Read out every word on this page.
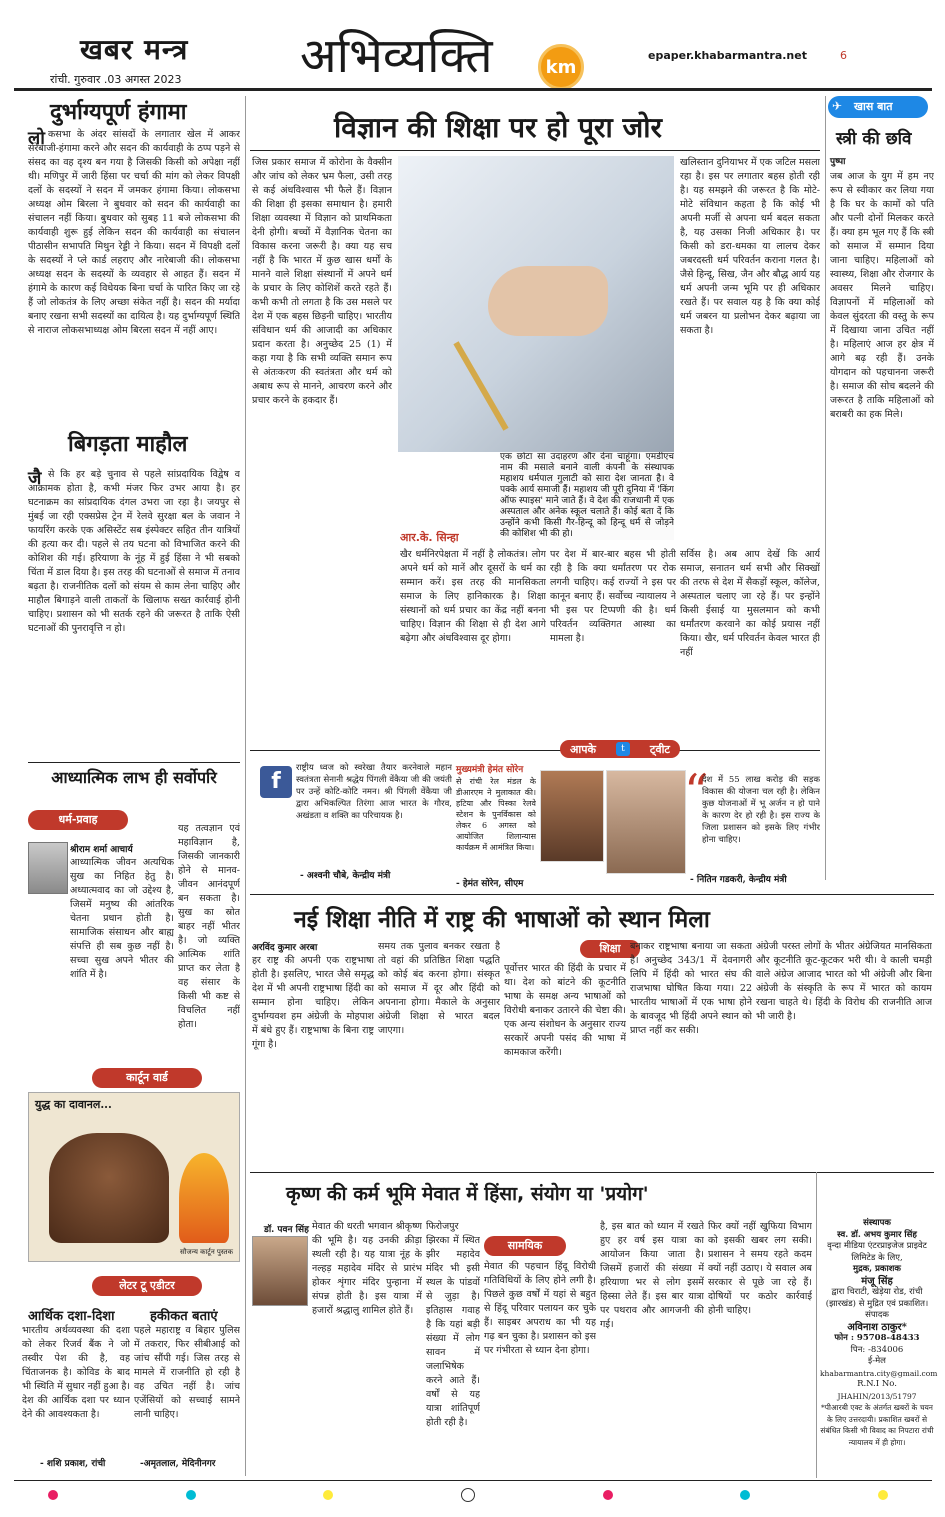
खबर मन्त्र
रांची. गुरुवार .03 अगस्त 2023 अभिव्यक्ति	km
epaper.khabarmantra.net	6
दुर्भाग्यपूर्ण हंगामा
लो कसभा के अंदर सांसदों के लगातार खेल में आकर सरेबाजी-हंगामा करने और सदन की कार्यवाही के ठप्प पड़ने से संसद का वह दृश्य बन गया है जिसकी किसी को अपेक्षा नहीं थी। मणिपुर में जारी हिंसा पर चर्चा की मांग को लेकर विपक्षी दलों के सदस्यों ने सदन में जमकर हंगामा किया। लोकसभा अध्यक्ष ओम बिरला ने बुधवार को सदन की कार्यवाही का संचालन नहीं किया। बुधवार को सुबह 11 बजे लोकसभा की कार्यवाही शुरू हुई लेकिन सदन की कार्यवाही का संचालन पीठासीन सभापति मिथुन रेड्डी ने किया। सदन में विपक्षी दलों के सदस्यों ने प्ले कार्ड लहराए और नारेबाजी की। लोकसभा अध्यक्ष सदन के सदस्यों के व्यवहार से आहत हैं। सदन में हंगामे के कारण कई विधेयक बिना चर्चा के पारित किए जा रहे हैं जो लोकतंत्र के लिए अच्छा संकेत नहीं है। सदन की मर्यादा बनाए रखना सभी सदस्यों का दायित्व है। यह दुर्भाग्यपूर्ण स्थिति से नाराज लोकसभाध्यक्ष ओम बिरला सदन में नहीं आए।
बिगड़ता माहौल
जै से कि हर बड़े चुनाव से पहले सांप्रदायिक विद्वेष व आक्रामक होता है, कभी मंजर फिर उभर आया है। हर घटनाक्रम का सांप्रदायिक दंगल उभरा जा रहा है। जयपुर से मुंबई जा रही एक्सप्रेस ट्रेन में रेलवे सुरक्षा बल के जवान ने फायरिंग करके एक असिस्टेंट सब इंस्पेक्टर सहित तीन यात्रियों की हत्या कर दी। पहले से तय घटना को विभाजित करने की कोशिश की गई। हरियाणा के नूंह में हुई हिंसा ने भी सबको चिंता में डाल दिया है। इस तरह की घटनाओं से समाज में तनाव बढ़ता है। राजनीतिक दलों को संयम से काम लेना चाहिए और माहौल बिगाड़ने वाली ताकतों के खिलाफ सख्त कार्रवाई होनी चाहिए। प्रशासन को भी सतर्क रहने की जरूरत है ताकि ऐसी घटनाओं की पुनरावृत्ति न हो।
आध्यात्मिक लाभ ही सर्वोपरि
धर्म-प्रवाह
श्रीराम शर्मा आचार्य
आध्यात्मिक जीवन अत्यधिक सुख का निहित हेतु है। अध्यात्मवाद का जो उद्देश्य है, जिसमें मनुष्य की आंतरिक चेतना प्रधान होती है। सामाजिक संसाधन और बाह्य संपत्ति ही सब कुछ नहीं है। सच्चा सुख अपने भीतर की शांति में है।
यह तत्वज्ञान एवं महाविज्ञान है, जिसकी जानकारी होने से मानव-जीवन आनंदपूर्ण बन सकता है। सुख का स्रोत बाहर नहीं भीतर है। जो व्यक्ति आत्मिक शांति प्राप्त कर लेता है वह संसार के किसी भी कष्ट से विचलित नहीं होता।
कार्टून वार्ड
युद्ध का दावानल...
सौजन्य कार्टून पुस्तक
लेटर टू एडीटर
आर्थिक दशा-दिशा
भारतीय अर्थव्यवस्था की दशा को लेकर रिजर्व बैंक ने जो तस्वीर पेश की है, वह चिंताजनक है। कोविड के बाद भी स्थिति में सुधार नहीं हुआ है। देश की आर्थिक दशा पर ध्यान देने की आवश्यकता है।
- शशि प्रकाश, रांची
हकीकत बताएं
पहले महाराष्ट्र व बिहार पुलिस में तकरार, फिर सीबीआई को जांच सौंपी गई। जिस तरह से मामले में राजनीति हो रही है वह उचित नहीं है। जांच एजेंसियों को सच्चाई सामने लानी चाहिए।
-अमृतलाल, मेदिनीनगर
विज्ञान की शिक्षा पर हो पूरा जोर
जिस प्रकार समाज में कोरोना के वैक्सीन और जांच को लेकर भ्रम फैला, उसी तरह से कई अंधविश्वास भी फैले हैं। विज्ञान की शिक्षा ही इसका समाधान है। हमारी शिक्षा व्यवस्था में विज्ञान को प्राथमिकता देनी होगी। बच्चों में वैज्ञानिक चेतना का विकास करना जरूरी है। क्या यह सच नहीं है कि भारत में कुछ खास धर्मों के मानने वाले शिक्षा संस्थानों में अपने धर्म के प्रचार के लिए कोशिशें करते रहते हैं। कभी कभी तो लगता है कि उस मसले पर देश में एक बहस छिड़नी चाहिए। भारतीय संविधान धर्म की आजादी का अधिकार प्रदान करता है। अनुच्छेद 25 (1) में कहा गया है कि सभी व्यक्ति समान रूप से अंतःकरण की स्वतंत्रता और धर्म को अबाध रूप से मानने, आचरण करने और प्रचार करने के हकदार हैं।
एक छोटा सा उदाहरण और देना चाहूंगा। एमडीएच नाम की मसाले बनाने वाली कंपनी के संस्थापक महाशय धर्मपाल गुलाटी को सारा देश जानता है। वे पक्के आर्य समाजी हैं। महाशय जी पूरी दुनिया में 'किंग ऑफ स्पाइस' माने जाते हैं। वे देश की राजधानी में एक अस्पताल और अनेक स्कूल चलाते हैं। कोई बता दें कि उन्होंने कभी किसी गैर-हिन्दू को हिन्दू धर्म से जोड़ने की कोशिश भी की हो।
आर.के. सिन्हा
खैर धर्मनिरपेक्षता में नहीं है लोकतंत्र। लोग अपने धर्म को मानें और दूसरों के धर्म का सम्मान करें। इस तरह की मानसिकता समाज के लिए हानिकारक है। शिक्षा संस्थानों को धर्म प्रचार का केंद्र नहीं बनना चाहिए। विज्ञान की शिक्षा से ही देश आगे बढ़ेगा और अंधविश्वास दूर होगा।
पर देश में बार-बार बहस भी होती रही है कि क्या धर्मांतरण पर रोक लगनी चाहिए। कई राज्यों ने इस पर कानून बनाए हैं। सर्वोच्च न्यायालय ने भी इस पर टिप्पणी की है। धर्म परिवर्तन व्यक्तिगत आस्था का मामला है।
सर्विस है। अब आप देखें कि आर्य समाज, सनातन धर्म सभी और सिक्खों की तरफ से देश में सैकड़ों स्कूल, कॉलेज, अस्पताल चलाए जा रहे हैं। पर इन्होंने किसी ईसाई या मुसलमान को कभी धर्मांतरण करवाने का कोई प्रयास नहीं किया। खैर, धर्म परिवर्तन केवल भारत ही नहीं
खलिस्तान दुनियाभर में एक जटिल मसला रहा है। इस पर लगातार बहस होती रही है। यह समझने की जरूरत है कि मोटे-मोटे संविधान कहता है कि कोई भी अपनी मर्जी से अपना धर्म बदल सकता है, यह उसका निजी अधिकार है। पर किसी को डरा-धमका या लालच देकर जबरदस्ती धर्म परिवर्तन कराना गलत है। जैसे हिन्दू, सिख, जैन और बौद्ध आर्य यह धर्म अपनी जन्म भूमि पर ही अधिकार रखते हैं। पर सवाल यह है कि क्या कोई धर्म जबरन या प्रलोभन देकर बढ़ाया जा सकता है।
आपके	t	ट्वीट
f
राष्ट्रीय ध्वज को स्वरेखा तैयार करनेवाले महान स्वतंत्रता सेनानी श्रद्धेय पिंगली वेंकैया जी की जयंती पर उन्हें कोटि-कोटि नमन। श्री पिंगली वेंकैया जी द्वारा अभिकल्पित तिरंगा आज भारत के गौरव, अखंडता व शक्ति का परिचायक है।
- अश्वनी चौबे, केन्द्रीय मंत्री
मुख्यमंत्री हेमंत सोरेन
से रांची रेल मंडल के डीआरएम ने मुलाकात की। हटिया और पिस्का रेलवे स्टेशन के पुनर्विकास को लेकर 6 अगस्त को आयोजित शिलान्यास कार्यक्रम में आमंत्रित किया।
- हेमंत सोरेन, सीएम
“
देश में 55 लाख करोड़ की सड़क विकास की योजना चल रही है। लेकिन कुछ योजनाओं में भू अर्जन न हो पाने के कारण देर हो रही है। इस राज्य के जिला प्रशासन को इसके लिए गंभीर होना चाहिए।
- नितिन गडकरी, केन्द्रीय मंत्री
✈ खास बात
स्त्री की छवि
पुष्पा
जब आज के युग में हम नए रूप से स्वीकार कर लिया गया है कि घर के कामों को पति और पत्नी दोनों मिलकर करते हैं। क्या हम भूल गए हैं कि स्त्री को समाज में सम्मान दिया जाना चाहिए। महिलाओं को स्वास्थ्य, शिक्षा और रोजगार के अवसर मिलने चाहिए। विज्ञापनों में महिलाओं को केवल सुंदरता की वस्तु के रूप में दिखाया जाना उचित नहीं है। महिलाएं आज हर क्षेत्र में आगे बढ़ रही हैं। उनके योगदान को पहचानना जरूरी है। समाज की सोच बदलने की जरूरत है ताकि महिलाओं को बराबरी का हक मिले।
नई शिक्षा नीति में राष्ट्र की भाषाओं को स्थान मिला
अरविंद कुमार अरबा
हर राष्ट्र की अपनी एक राष्ट्रभाषा होती है। इसलिए, भारत जैसे समृद्ध देश में भी अपनी राष्ट्रभाषा हिंदी का सम्मान होना चाहिए। लेकिन दुर्भाग्यवश हम अंग्रेजी के मोहपाश में बंधे हुए हैं। राष्ट्रभाषा के बिना राष्ट्र गूंगा है।
समय तक पुलाव बनकर रखता है तो वहां की प्रतिष्ठित शिक्षा पद्धति को कोई बंद करना होगा। संस्कृत को समाज में दूर और हिंदी को अपनाना होगा। मैकाले के अनुसार अंग्रेजी शिक्षा से भारत बदल जाएगा।
शिक्षा
पूर्वोत्तर भारत की हिंदी के प्रचार में था। देश को बांटने की कूटनीति भाषा के समक्ष अन्य भाषाओं को विरोधी बनाकर उतारने की चेष्टा की। एक अन्य संशोधन के अनुसार राज्य सरकारें अपनी पसंद की भाषा में कामकाज करेंगी।
बनाकर राष्ट्रभाषा बनाया जा सकता है। अनुच्छेद 343/1 में देवनागरी लिपि में हिंदी को भारत संघ की राजभाषा घोषित किया गया। 22 भारतीय भाषाओं में एक भाषा होने के बावजूद भी हिंदी अपने स्थान को प्राप्त नहीं कर सकी।
अंग्रेजी परस्त लोगों के भीतर अंग्रेजियत मानसिकता और कूटनीति कूट-कूटकर भरी थी। वे काली चमड़ी वाले अंग्रेज आजाद भारत को भी अंग्रेजी और बिना अंग्रेजी के संस्कृति के रूप में भारत को कायम रखना चाहते थे। हिंदी के विरोध की राजनीति आज भी जारी है।
कृष्ण की कर्म भूमि मेवात में हिंसा, संयोग या 'प्रयोग'
डॉ. पवन सिंह मेवात की धरती भगवान श्रीकृष्ण की भूमि है। यह उनकी क्रीड़ा स्थली रही है। यह यात्रा नूंह के नल्हड़ महादेव मंदिर से प्रारंभ होकर शृंगार मंदिर पुन्हाना में संपन्न होती है। इस यात्रा में हजारों श्रद्धालु शामिल होते हैं।
फिरोजपुर झिरका में स्थित झीर महादेव मंदिर भी इसी स्थल के पांडवों से जुड़ा है। इतिहास गवाह है कि यहां बड़ी संख्या में लोग सावन में जलाभिषेक करने आते हैं। वर्षों से यह यात्रा शांतिपूर्ण होती रही है।
सामयिक
मेवात की पहचान हिंदू विरोधी गतिविधियों के लिए होने लगी है। पिछले कुछ वर्षों में यहां से बहुत से हिंदू परिवार पलायन कर चुके हैं। साइबर अपराध का भी यह गढ़ बन चुका है। प्रशासन को इस पर गंभीरता से ध्यान देना होगा।
है, इस बात को ध्यान में रखते हुए हर वर्ष इस यात्रा का आयोजन किया जाता है। जिसमें हजारों की संख्या में हरियाणा भर से लोग इसमें हिस्सा लेते हैं। इस बार यात्रा पर पथराव और आगजनी की गई।
फिर क्यों नहीं खुफिया विभाग को इसकी खबर लग सकी। प्रशासन ने समय रहते कदम क्यों नहीं उठाए। ये सवाल अब सरकार से पूछे जा रहे हैं। दोषियों पर कठोर कार्रवाई होनी चाहिए।
संस्थापक
स्व. डॉ. अभय कुमार सिंह
वृन्दा मीडिया एंटरप्राइजेज प्राइवेट लिमिटेड के लिए,
मुद्रक, प्रकाशक
मंजू सिंह
द्वारा चिराटी, खेड़ेया रोड, रांची (झारखंड) से मुद्रित एवं प्रकाशित।
संपादक
अविनाश ठाकुर*
फोन : 95708-48433
पिन: -834006
ई-मेल
khabarmantra.city@gmail.com
R.N.I No.
JHAHIN/2013/51797
*पीआरबी एक्ट के अंतर्गत खबरों के चयन के लिए उत्तरदायी। प्रकाशित खबरों से संबंधित किसी भी विवाद का निपटारा रांची न्यायालय में ही होगा।
